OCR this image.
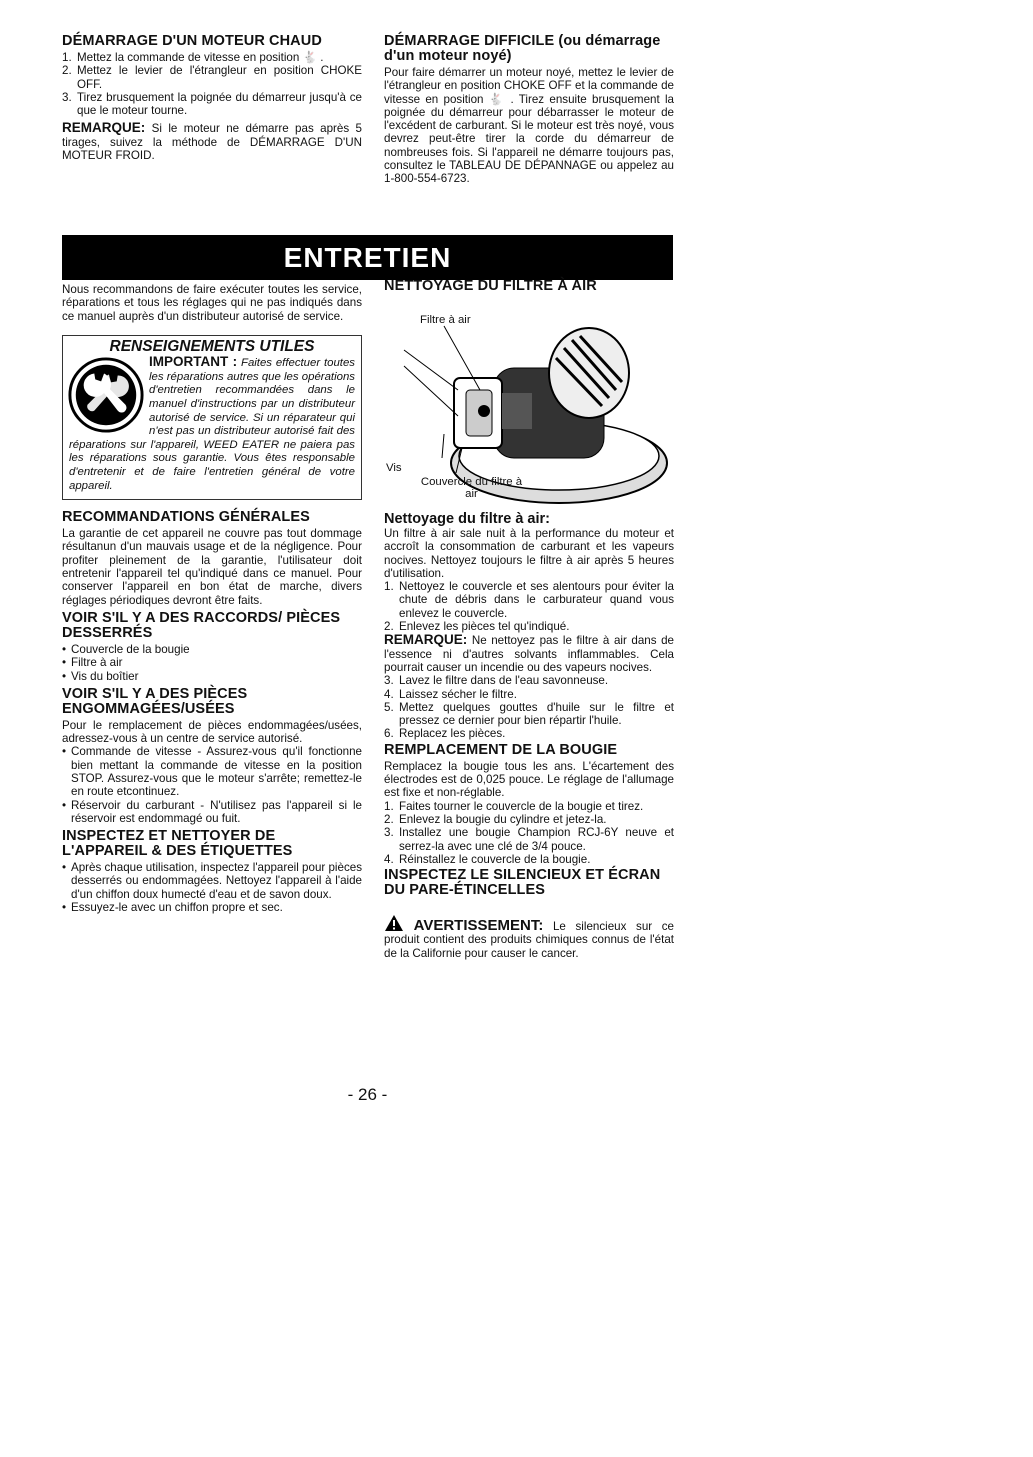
DÉMARRAGE D'UN MOTEUR CHAUD
1. Mettez la commande de vitesse en position 🐇 .
2. Mettez le levier de l'étrangleur en position CHOKE OFF.
3. Tirez brusquement la poignée du démarreur jusqu'à ce que le moteur tourne.

REMARQUE: Si le moteur ne démarre pas après 5 tirages, suivez la méthode de DÉMARRAGE D'UN MOTEUR FROID.

DÉMARRAGE DIFFICILE (ou démarrage d'un moteur noyé)

Pour faire démarrer un moteur noyé, mettez le levier de l'étrangleur en position CHOKE OFF et la commande de vitesse en position 🐇 . Tirez ensuite brusquement la poignée du démarreur pour débarrasser le moteur de l'excédent de carburant. Si le moteur est très noyé, vous devrez peut-être tirer la corde du démarreur de nombreuses fois. Si l'appareil ne démarre toujours pas, consultez le TABLEAU DE DÉPANNAGE ou appelez au 1-800-554-6723.

ENTRETIEN

Nous recommandons de faire exécuter toutes les service, réparations et tous les réglages qui ne pas indiqués dans ce manuel auprès d'un distributeur autorisé de service.

RENSEIGNEMENTS UTILES
IMPORTANT : Faites effectuer toutes les réparations autres que les opérations d'entretien recommandées dans le manuel d'instructions par un distributeur autorisé de service. Si un réparateur qui n'est pas un distributeur autorisé fait des réparations sur l'appareil, WEED EATER ne paiera pas les réparations sous garantie. Vous êtes responsable d'entretenir et de faire l'entretien général de votre appareil.
RECOMMANDATIONS GÉNÉRALES

La garantie de cet appareil ne couvre pas tout dommage résultanun d'un mauvais usage et de la négligence. Pour profiter pleinement de la garantie, l'utilisateur doit entretenir l'appareil tel qu'indiqué dans ce manuel. Pour conserver l'appareil en bon état de marche, divers réglages périodiques devront être faits.

VOIR S'IL Y A DES RACCORDS/ PIÈCES DESSERRÉS
• Couvercle de la bougie
• Filtre à air
• Vis du boîtier
VOIR S'IL Y A DES PIÈCES ENGOMMAGÉES/USÉES

Pour le remplacement de pièces endommagées/usées, adressez-vous à un centre de service autorisé.

• Commande de vitesse - Assurez-vous qu'il fonctionne bien mettant la commande de vitesse en la position STOP. Assurez-vous que le moteur s'arrête; remettez-le en route etcontinuez.
• Réservoir du carburant - N'utilisez pas l'appareil si le réservoir est endommagé ou fuit.
INSPECTEZ ET NETTOYER DE L'APPAREIL & DES ÉTIQUETTES
• Après chaque utilisation, inspectez l'appareil pour pièces desserrés ou endommagées. Nettoyez l'appareil à l'aide d'un chiffon doux humecté d'eau et de savon doux.
• Essuyez-le avec un chiffon propre et sec.
NETTOYAGE DU FILTRE À AIR
Filtre à air
Vis
Couvercle du filtre à air
Nettoyage du filtre à air:

Un filtre à air sale nuit à la performance du moteur et accroît la consommation de carburant et les vapeurs nocives. Nettoyez toujours le filtre à air après 5 heures d'utilisation.

1. Nettoyez le couvercle et ses alentours pour éviter la chute de débris dans le carburateur quand vous enlevez le couvercle.
2. Enlevez les pièces tel qu'indiqué.

REMARQUE: Ne nettoyez pas le filtre à air dans de l'essence ni d'autres solvants inflammables. Cela pourrait causer un incendie ou des vapeurs nocives.

3. Lavez le filtre dans de l'eau savonneuse.
4. Laissez sécher le filtre.
5. Mettez quelques gouttes d'huile sur le filtre et pressez ce dernier pour bien répartir l'huile.
6. Replacez les pièces.
REMPLACEMENT DE LA BOUGIE

Remplacez la bougie tous les ans. L'écartement des électrodes est de 0,025 pouce. Le réglage de l'allumage est fixe et non-réglable.

1. Faites tourner le couvercle de la bougie et tirez.
2. Enlevez la bougie du cylindre et jetez-la.
3. Installez une bougie Champion RCJ-6Y neuve et serrez-la avec une clé de 3/4 pouce.
4. Réinstallez le couvercle de la bougie.
INSPECTEZ LE SILENCIEUX ET ÉCRAN DU PARE-ÉTINCELLES

AVERTISSEMENT: Le silencieux sur ce produit contient des produits chimiques connus de l'état de la Californie pour causer le cancer.

- 26 -
